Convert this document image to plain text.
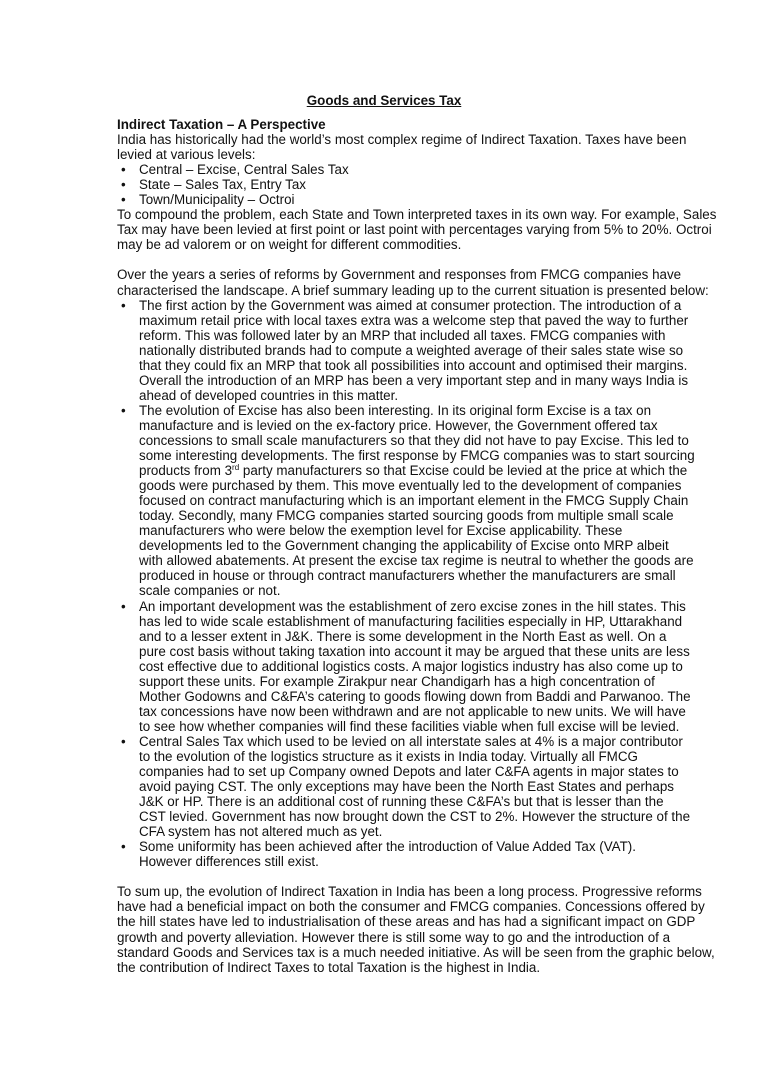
Goods and Services Tax
Indirect Taxation – A Perspective
India has historically had the world’s most complex regime of Indirect Taxation. Taxes have been
levied at various levels:
• Central – Excise, Central Sales Tax
• State – Sales Tax, Entry Tax
• Town/Municipality – Octroi
To compound the problem, each State and Town interpreted taxes in its own way. For example, Sales
Tax may have been levied at first point or last point with percentages varying from 5% to 20%. Octroi
may be ad valorem or on weight for different commodities.
Over the years a series of reforms by Government and responses from FMCG companies have
characterised the landscape. A brief summary leading up to the current situation is presented below:
• The first action by the Government was aimed at consumer protection. The introduction of a
maximum retail price with local taxes extra was a welcome step that paved the way to further
reform. This was followed later by an MRP that included all taxes. FMCG companies with
nationally distributed brands had to compute a weighted average of their sales state wise so
that they could fix an MRP that took all possibilities into account and optimised their margins.
Overall the introduction of an MRP has been a very important step and in many ways India is
ahead of developed countries in this matter.
• The evolution of Excise has also been interesting. In its original form Excise is a tax on
manufacture and is levied on the ex-factory price. However, the Government offered tax
concessions to small scale manufacturers so that they did not have to pay Excise. This led to
some interesting developments. The first response by FMCG companies was to start sourcing
products from 3rd party manufacturers so that Excise could be levied at the price at which the
goods were purchased by them. This move eventually led to the development of companies
focused on contract manufacturing which is an important element in the FMCG Supply Chain
today. Secondly, many FMCG companies started sourcing goods from multiple small scale
manufacturers who were below the exemption level for Excise applicability. These
developments led to the Government changing the applicability of Excise onto MRP albeit
with allowed abatements. At present the excise tax regime is neutral to whether the goods are
produced in house or through contract manufacturers whether the manufacturers are small
scale companies or not.
• An important development was the establishment of zero excise zones in the hill states. This
has led to wide scale establishment of manufacturing facilities especially in HP, Uttarakhand
and to a lesser extent in J&K. There is some development in the North East as well. On a
pure cost basis without taking taxation into account it may be argued that these units are less
cost effective due to additional logistics costs. A major logistics industry has also come up to
support these units. For example Zirakpur near Chandigarh has a high concentration of
Mother Godowns and C&FA’s catering to goods flowing down from Baddi and Parwanoo. The
tax concessions have now been withdrawn and are not applicable to new units. We will have
to see how whether companies will find these facilities viable when full excise will be levied.
• Central Sales Tax which used to be levied on all interstate sales at 4% is a major contributor
to the evolution of the logistics structure as it exists in India today. Virtually all FMCG
companies had to set up Company owned Depots and later C&FA agents in major states to
avoid paying CST. The only exceptions may have been the North East States and perhaps
J&K or HP. There is an additional cost of running these C&FA’s but that is lesser than the
CST levied. Government has now brought down the CST to 2%. However the structure of the
CFA system has not altered much as yet.
• Some uniformity has been achieved after the introduction of Value Added Tax (VAT).
However differences still exist.
To sum up, the evolution of Indirect Taxation in India has been a long process. Progressive reforms
have had a beneficial impact on both the consumer and FMCG companies. Concessions offered by
the hill states have led to industrialisation of these areas and has had a significant impact on GDP
growth and poverty alleviation. However there is still some way to go and the introduction of a
standard Goods and Services tax is a much needed initiative. As will be seen from the graphic below,
the contribution of Indirect Taxes to total Taxation is the highest in India.
